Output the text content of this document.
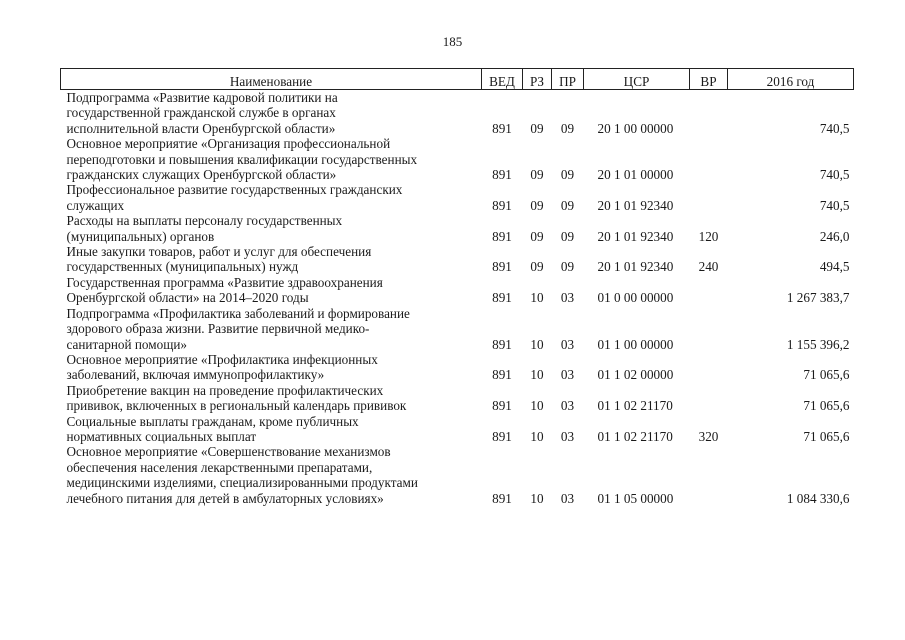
185
Наименование	ВЕД	РЗ	ПР	ЦСР	ВР	2016 год

Подпрограмма «Развитие кадровой политики на
государственной гражданской службе в органах
исполнительной власти Оренбургской области»	891	09	09	20 1 00 00000		740,5

Основное мероприятие «Организация профессиональной
переподготовки и повышения квалификации государственных
гражданских служащих Оренбургской области»	891	09	09	20 1 01 00000		740,5

Профессиональное развитие государственных гражданских
служащих	891	09	09	20 1 01 92340		740,5

Расходы на выплаты персоналу государственных
(муниципальных) органов	891	09	09	20 1 01 92340	120	246,0

Иные закупки товаров, работ и услуг для обеспечения
государственных (муниципальных) нужд	891	09	09	20 1 01 92340	240	494,5

Государственная программа «Развитие здравоохранения
Оренбургской области» на 2014–2020 годы	891	10	03	01 0 00 00000		1 267 383,7

Подпрограмма «Профилактика заболеваний и формирование
здорового образа жизни. Развитие первичной медико-
санитарной помощи»	891	10	03	01 1 00 00000		1 155 396,2

Основное мероприятие «Профилактика инфекционных
заболеваний, включая иммунопрофилактику»	891	10	03	01 1 02 00000		71 065,6

Приобретение вакцин на проведение профилактических
прививок, включенных в региональный календарь прививок	891	10	03	01 1 02 21170		71 065,6

Социальные выплаты гражданам, кроме публичных
нормативных социальных выплат	891	10	03	01 1 02 21170	320	71 065,6

Основное мероприятие «Совершенствование механизмов
обеспечения населения лекарственными препаратами,
медицинскими изделиями, специализированными продуктами
лечебного питания для детей в амбулаторных условиях»	891	10	03	01 1 05 00000		1 084 330,6
